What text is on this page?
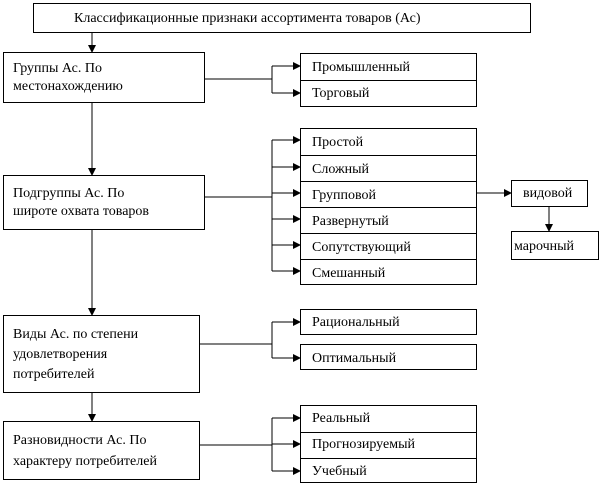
Классификационные признаки ассортимента товаров (Ас)
Группы Ас. По
местонахождению
Промышленный
Торговый
Подгруппы Ас. По
широте охвата товаров
Простой
Сложный
Групповой
Развернутый
Сопутствующий
Смешанный
видовой
марочный
Виды Ас. по степени
удовлетворения
потребителей
Рациональный
Оптимальный
Разновидности Ас. По
характеру потребителей
Реальный
Прогнозируемый
Учебный
